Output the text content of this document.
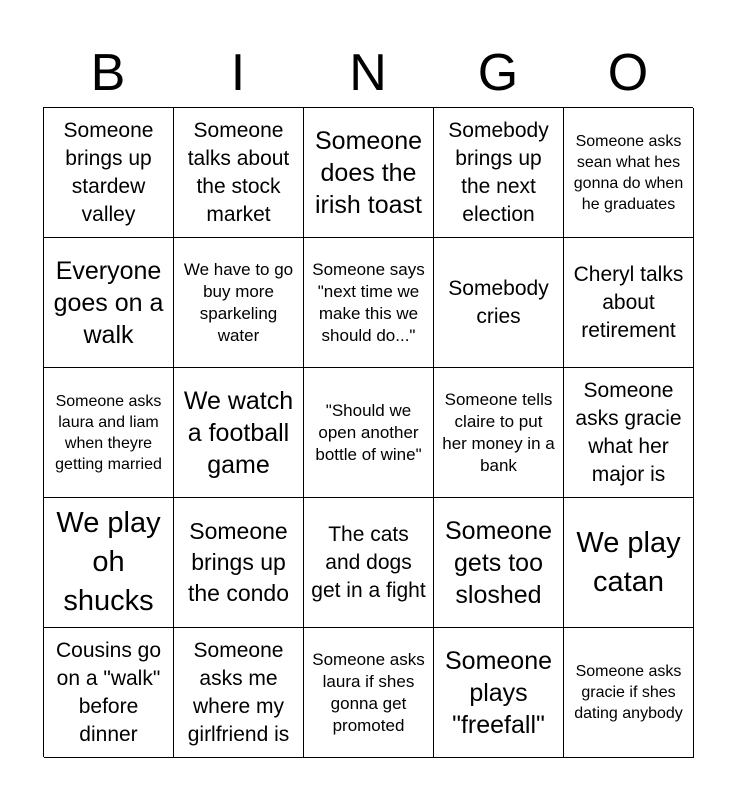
B	I	N	G	O
Someone brings up stardew valley
Someone talks about the stock market
Someone does the irish toast
Somebody brings up the next election
Someone asks sean what hes gonna do when he graduates
Everyone goes on a walk
We have to go buy more sparkeling water
Someone says "next time we make this we should do..."
Somebody cries
Cheryl talks about retirement
Someone asks laura and liam when theyre getting married
We watch a football game
"Should we open another bottle of wine"
Someone tells claire to put her money in a bank
Someone asks gracie what her major is
We play oh shucks
Someone brings up the condo
The cats and dogs get in a fight
Someone gets too sloshed
We play catan
Cousins go on a "walk" before dinner
Someone asks me where my girlfriend is
Someone asks laura if shes gonna get promoted
Someone plays "freefall"
Someone asks gracie if shes dating anybody
